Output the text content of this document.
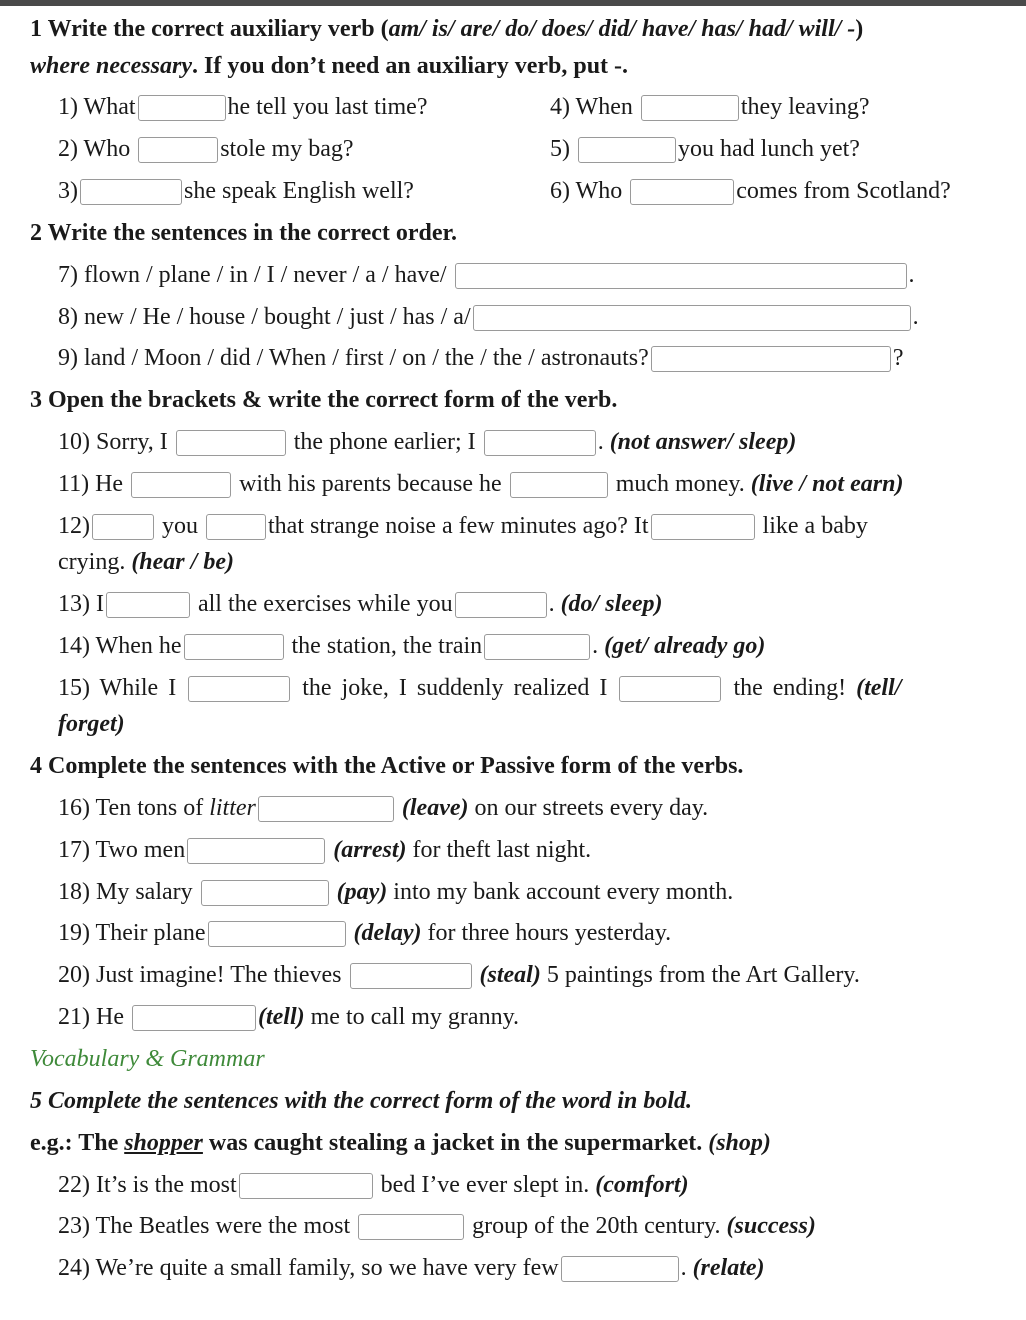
1 Write the correct auxiliary verb (am/ is/ are/ do/ does/ did/ have/ has/ had/ will/ -)
where necessary. If you don’t need an auxiliary verb, put -.
1) What	he tell you last time?	4) When	they leaving?
2) Who	stole my bag?	5)	you had lunch yet?
3)	she speak English well?	6) Who	comes from Scotland?
2 Write the sentences in the correct order.
7) flown / plane / in / I / never / a / have/	.
8) new / He / house / bought / just / has / a/	.
9) land / Moon / did / When / first / on / the / the / astronauts?	?
3 Open the brackets & write the correct form of the verb.
10) Sorry, I	the phone earlier; I	. (not answer/ sleep)
11) He	with his parents because he	much money. (live / not earn)
12)	you	that strange noise a few minutes ago? It	like a baby
crying. (hear / be)
13) I	all the exercises while you	. (do/ sleep)
14) When he	the station, the train	. (get/ already go)
15) While I	the joke, I suddenly realized I	the ending! (tell/
forget)
4 Complete the sentences with the Active or Passive form of the verbs.
16) Ten tons of litter	(leave) on our streets every day.
17) Two men	(arrest) for theft last night.
18) My salary	(pay) into my bank account every month.
19) Their plane	(delay) for three hours yesterday.
20) Just imagine! The thieves	(steal) 5 paintings from the Art Gallery.
21) He	(tell) me to call my granny.
Vocabulary & Grammar
5 Complete the sentences with the correct form of the word in bold.
e.g.: The shopper was caught stealing a jacket in the supermarket. (shop)
22) It’s is the most	bed I’ve ever slept in. (comfort)
23) The Beatles were the most	group of the 20th century. (success)
24) We’re quite a small family, so we have very few	. (relate)
